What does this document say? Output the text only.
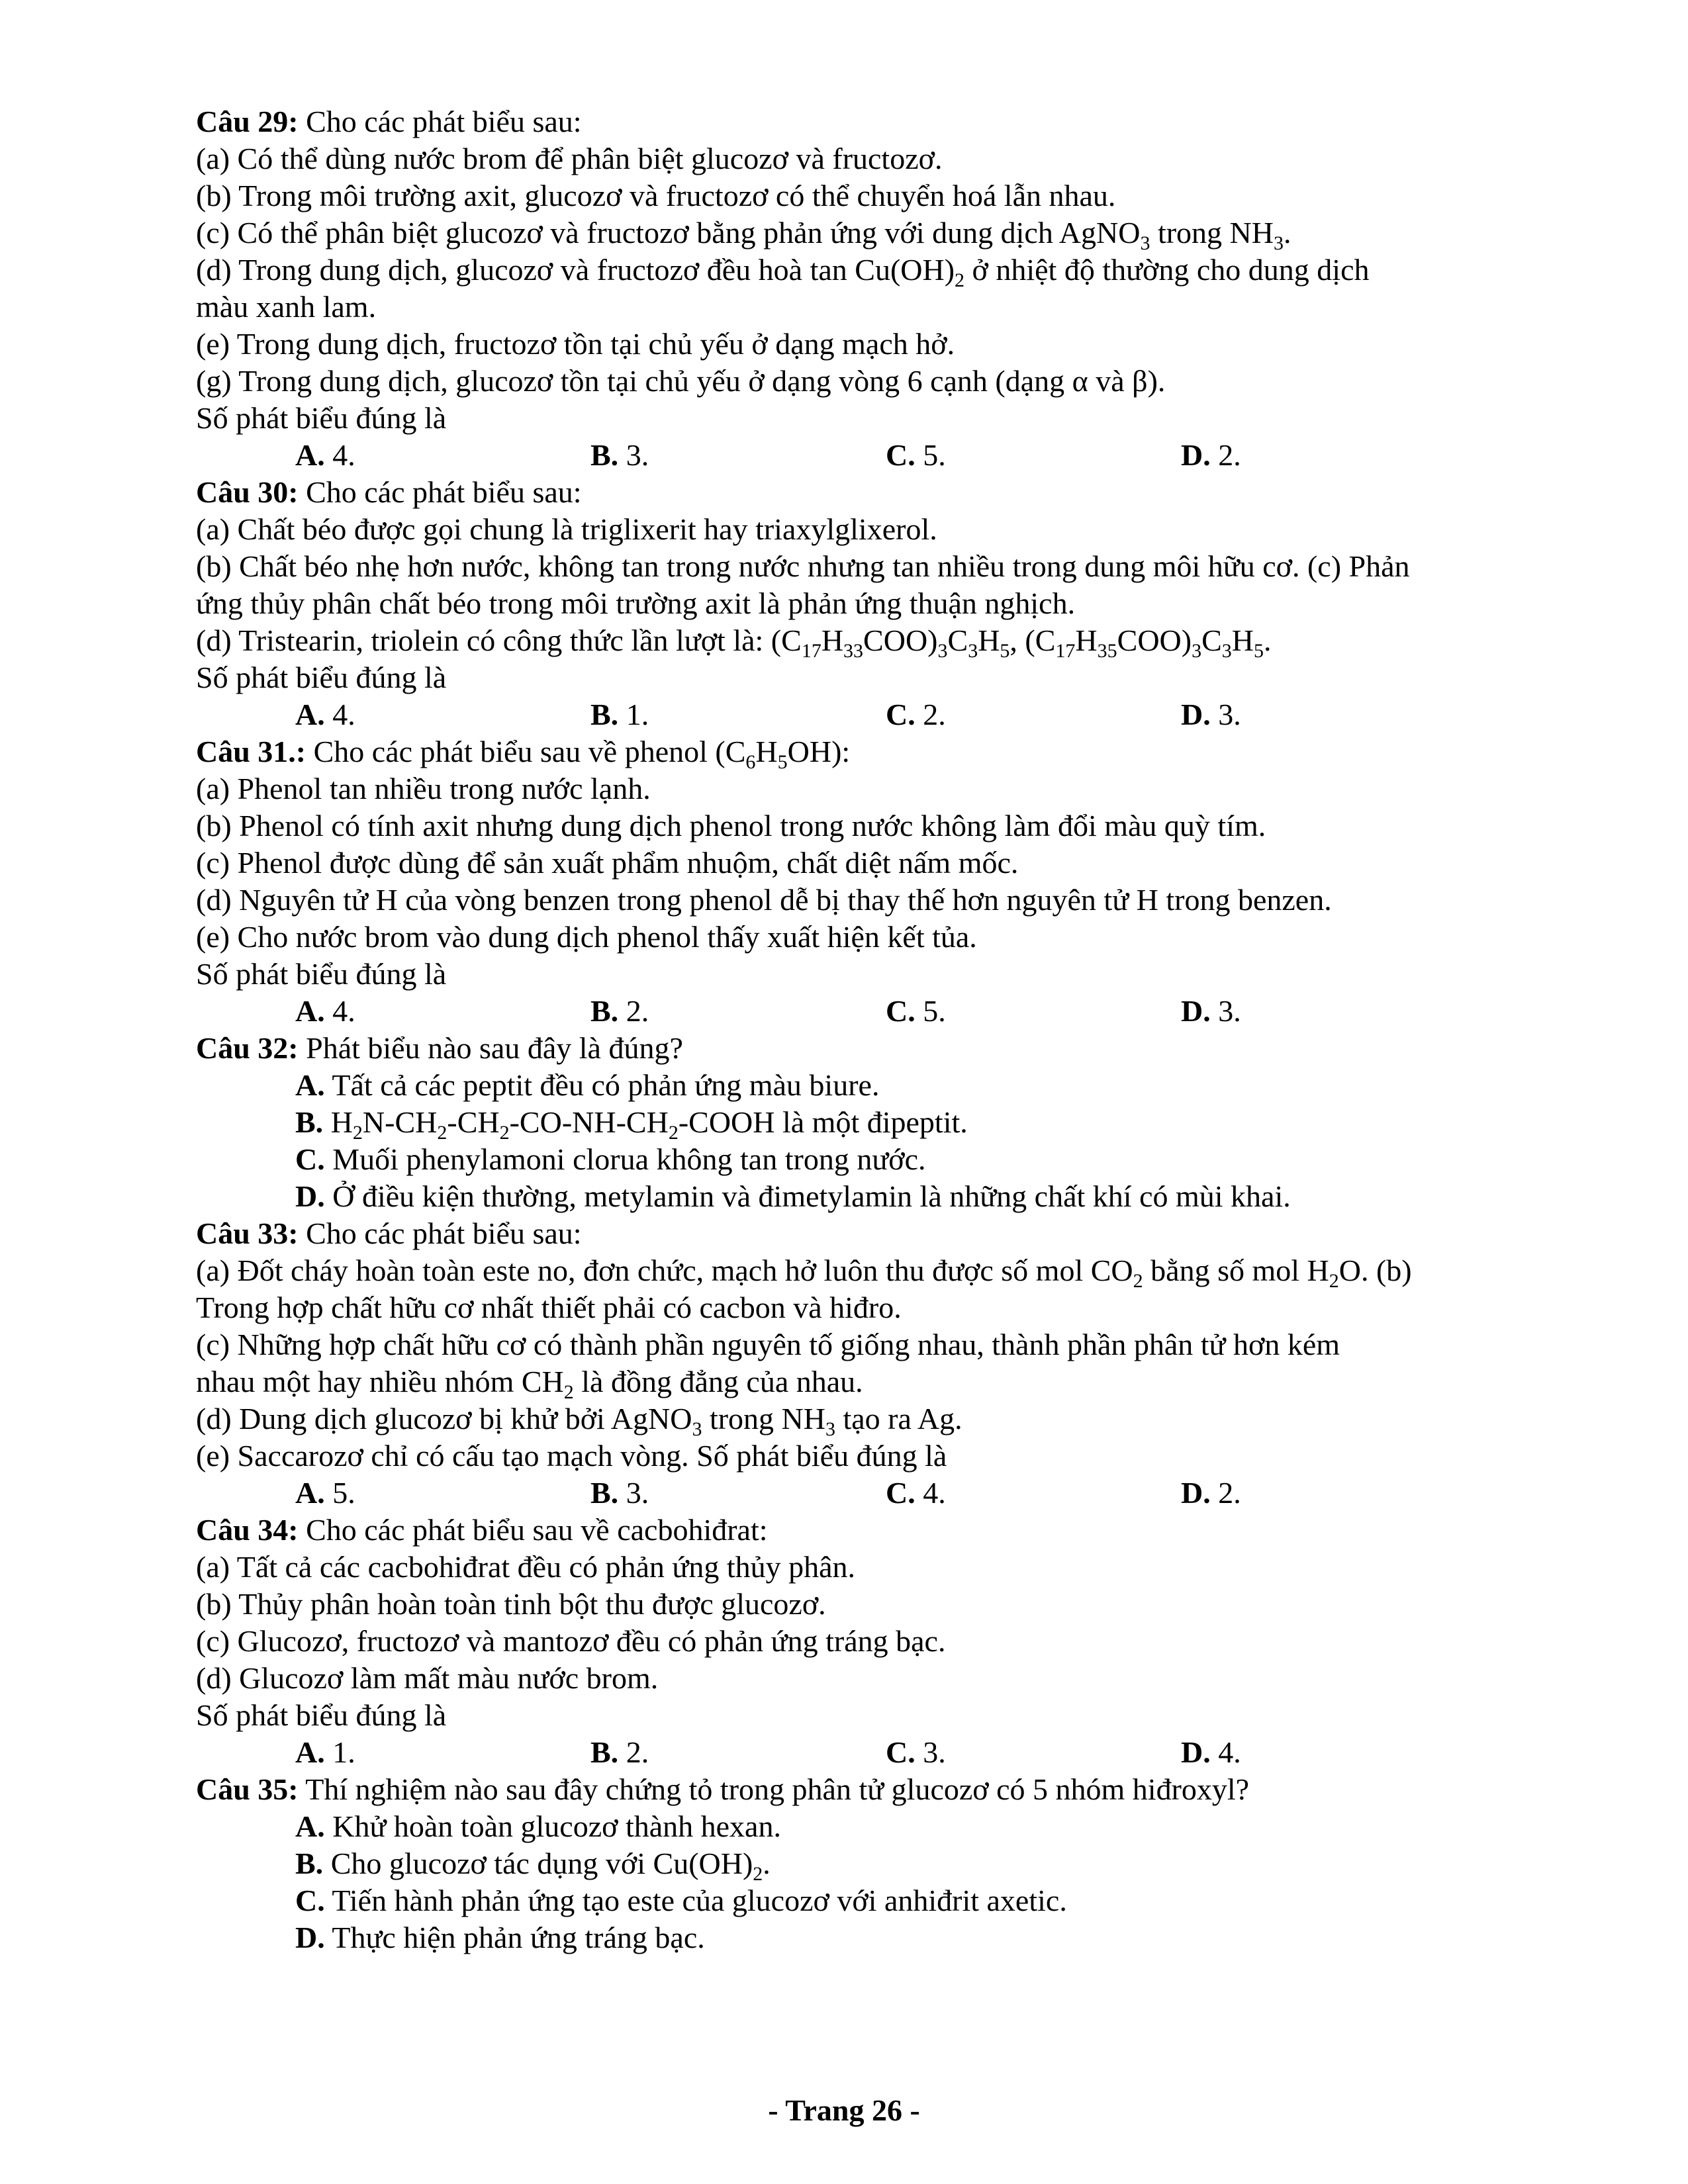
Câu 29: Cho các phát biểu sau:
(a) Có thể dùng nước brom để phân biệt glucozơ và fructozơ.
(b) Trong môi trường axit, glucozơ và fructozơ có thể chuyển hoá lẫn nhau.
(c) Có thể phân biệt glucozơ và fructozơ bằng phản ứng với dung dịch AgNO$_3$ trong $NH_3$.
(d) Trong dung dịch, glucozơ và fructozơ đều hoà $\tan Cu(OH)_2$ ở nhiệt độ thường cho dung dịch
màu xanh lam.
(e) Trong dung dịch, fructozơ tồn tại chủ yếu ở dạng mạch hở.
(g) Trong dung dịch, glucozơ tồn tại chủ yếu ở dạng vòng 6 cạnh (dạng α và β).
Số phát biểu đúng là
A. 4.	B. 3.	C. 5.	D. 2.
Câu 30: Cho các phát biểu sau:
(a) Chất béo được gọi chung là triglixerit hay triaxylglixerol.
(b) Chất béo nhẹ hơn nước, không tan trong nước nhưng tan nhiều trong dung môi hữu cơ. (c) Phản
ứng thủy phân chất béo trong môi trường axit là phản ứng thuận nghịch.
(d) Tristearin, triolein có công thức lần lượt là: $(C_{17}H_{33}COO)_3C_3H_5$, $(C_{17}H_{35}COO)_3C_3H_5$.
Số phát biểu đúng là
A. 4.	B. 1.	C. 2.	D. 3.
Câu 31.: Cho các phát biểu sau về phenol $(C_6H_5OH)$:
(a) Phenol tan nhiều trong nước lạnh.
(b) Phenol có tính axit nhưng dung dịch phenol trong nước không làm đổi màu quỳ tím.
(c) Phenol được dùng để sản xuất phẩm nhuộm, chất diệt nấm mốc.
(d) Nguyên tử H của vòng benzen trong phenol dễ bị thay thế hơn nguyên tử H trong benzen.
(e) Cho nước brom vào dung dịch phenol thấy xuất hiện kết tủa.
Số phát biểu đúng là
A. 4.	B. 2.	C. 5.	D. 3.
Câu 32: Phát biểu nào sau đây là đúng?
A. Tất cả các peptit đều có phản ứng màu biure.
B. $H_2N-CH_2-CH_2-CO-NH-CH_2$-COOH là một đipeptit.
C. Muối phenylamoni clorua không tan trong nước.
D. Ở điều kiện thường, metylamin và đimetylamin là những chất khí có mùi khai.
Câu 33: Cho các phát biểu sau:
(a) Đốt cháy hoàn toàn este no, đơn chức, mạch hở luôn thu được số mol $CO_2$ bằng số mol $H_2O$. (b)
Trong hợp chất hữu cơ nhất thiết phải có cacbon và hiđro.
(c) Những hợp chất hữu cơ có thành phần nguyên tố giống nhau, thành phần phân tử hơn kém
nhau một hay nhiều nhóm $CH_2$ là đồng đẳng của nhau.
(d) Dung dịch glucozơ bị khử bởi AgNO$_3$ trong $NH_3$ tạo ra Ag.
(e) Saccarozơ chỉ có cấu tạo mạch vòng. Số phát biểu đúng là
A. 5.	B. 3.	C. 4.	D. 2.
Câu 34: Cho các phát biểu sau về cacbohiđrat:
(a) Tất cả các cacbohiđrat đều có phản ứng thủy phân.
(b) Thủy phân hoàn toàn tinh bột thu được glucozơ.
(c) Glucozơ, fructozơ và mantozơ đều có phản ứng tráng bạc.
(d) Glucozơ làm mất màu nước brom.
Số phát biểu đúng là
A. 1.	B. 2.	C. 3.	D. 4.
Câu 35: Thí nghiệm nào sau đây chứng tỏ trong phân tử glucozơ có 5 nhóm hiđroxyl?
A. Khử hoàn toàn glucozơ thành hexan.
B. Cho glucozơ tác dụng với $Cu(OH)_2$.
C. Tiến hành phản ứng tạo este của glucozơ với anhiđrit axetic.
D. Thực hiện phản ứng tráng bạc.
- Trang 26 -
